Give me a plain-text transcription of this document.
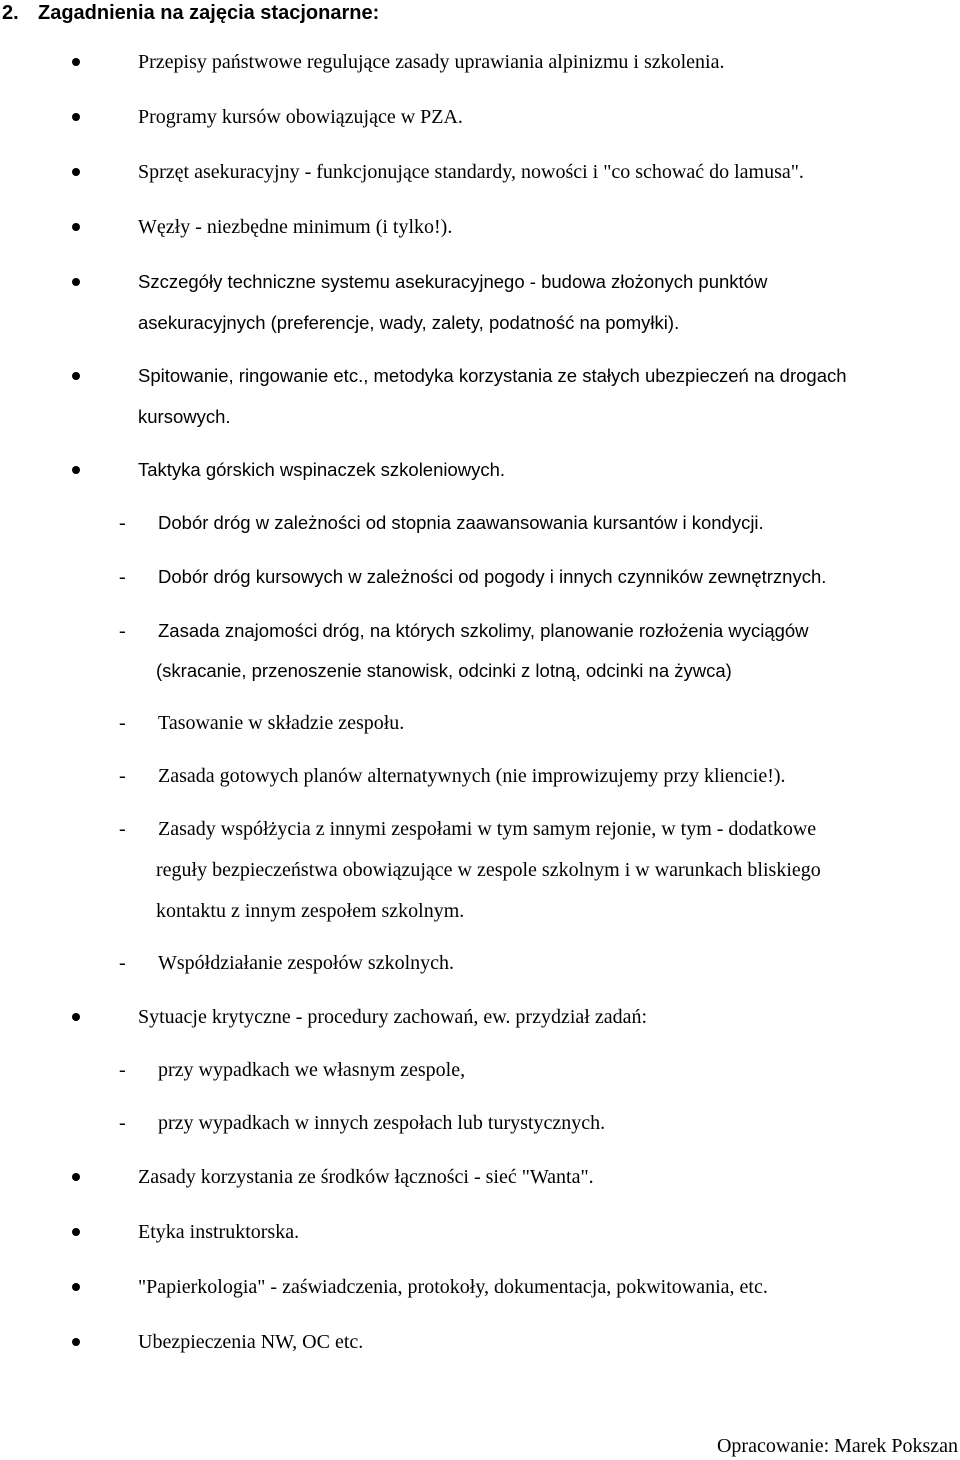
2. Zagadnienia na zajęcia stacjonarne:
Przepisy państwowe regulujące zasady uprawiania alpinizmu i szkolenia.
Programy kursów obowiązujące w PZA.
Sprzęt asekuracyjny - funkcjonujące standardy, nowości i "co schować do lamusa".
Węzły - niezbędne minimum (i tylko!).
Szczegóły techniczne systemu asekuracyjnego - budowa złożonych punktów
asekuracyjnych (preferencje, wady, zalety, podatność na pomyłki).
Spitowanie, ringowanie etc., metodyka korzystania ze stałych ubezpieczeń na drogach
kursowych.
Taktyka górskich wspinaczek szkoleniowych.
- Dobór dróg w zależności od stopnia zaawansowania kursantów i kondycji.
- Dobór dróg kursowych w zależności od pogody i innych czynników zewnętrznych.
- Zasada znajomości dróg, na których szkolimy, planowanie rozłożenia wyciągów
(skracanie, przenoszenie stanowisk, odcinki z lotną, odcinki na żywca)
- Tasowanie w składzie zespołu.
- Zasada gotowych planów alternatywnych (nie improwizujemy przy kliencie!).
- Zasady współżycia z innymi zespołami w tym samym rejonie, w tym - dodatkowe
reguły bezpieczeństwa obowiązujące w zespole szkolnym i w warunkach bliskiego
kontaktu z innym zespołem szkolnym.
- Współdziałanie zespołów szkolnych.
Sytuacje krytyczne - procedury zachowań, ew. przydział zadań:
- przy wypadkach we własnym zespole,
- przy wypadkach w innych zespołach lub turystycznych.
Zasady korzystania ze środków łączności - sieć "Wanta".
Etyka instruktorska.
"Papierkologia" - zaświadczenia, protokoły, dokumentacja, pokwitowania, etc.
Ubezpieczenia NW, OC etc.
Opracowanie: Marek Pokszan
